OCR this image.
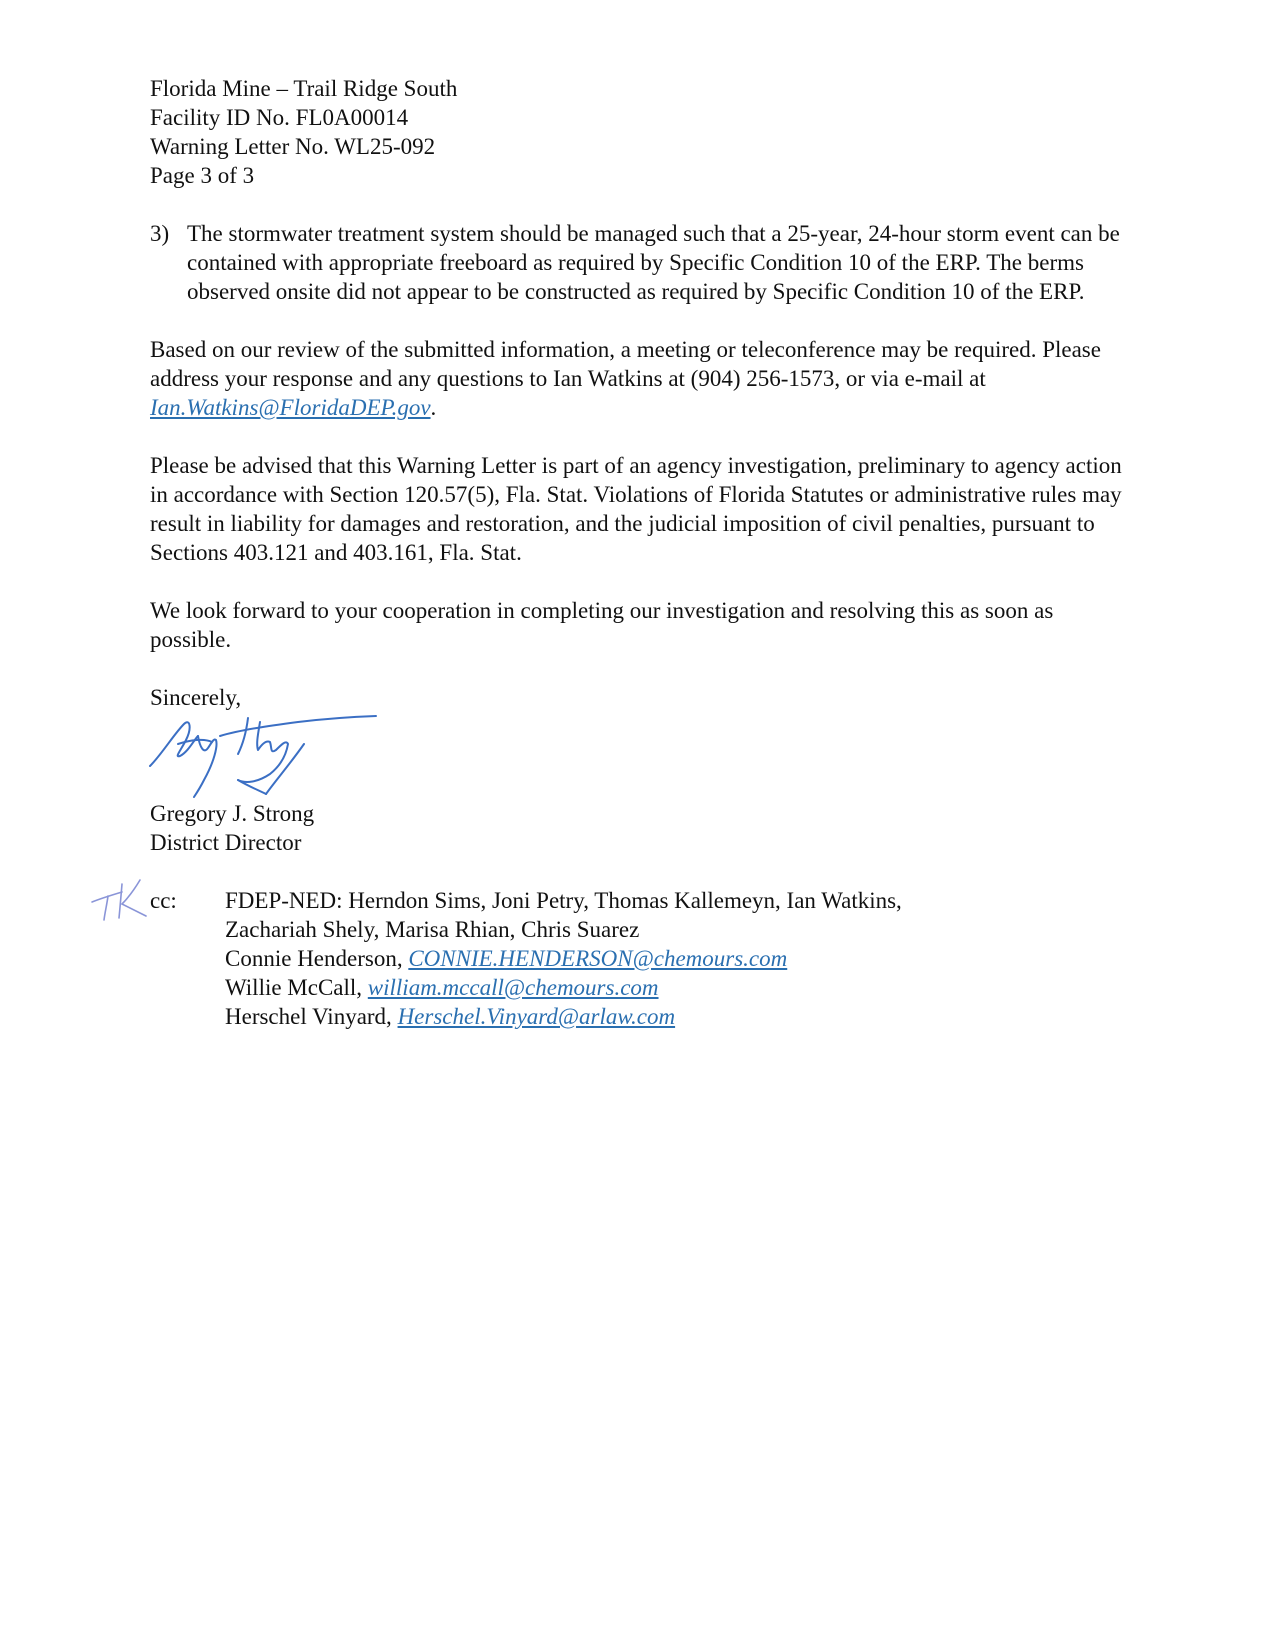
Florida Mine – Trail Ridge South
Facility ID No. FL0A00014
Warning Letter No. WL25-092
Page 3 of 3
3) The stormwater treatment system should be managed such that a 25-year, 24-hour storm event can be contained with appropriate freeboard as required by Specific Condition 10 of the ERP. The berms observed onsite did not appear to be constructed as required by Specific Condition 10 of the ERP.

Based on our review of the submitted information, a meeting or teleconference may be required. Please address your response and any questions to Ian Watkins at (904) 256-1573, or via e-mail at Ian.Watkins@FloridaDEP.gov.

Please be advised that this Warning Letter is part of an agency investigation, preliminary to agency action in accordance with Section 120.57(5), Fla. Stat. Violations of Florida Statutes or administrative rules may result in liability for damages and restoration, and the judicial imposition of civil penalties, pursuant to Sections 403.121 and 403.161, Fla. Stat.

We look forward to your cooperation in completing our investigation and resolving this as soon as possible.

Sincerely,

Gregory J. Strong
District Director
cc:	FDEP-NED: Herndon Sims, Joni Petry, Thomas Kallemeyn, Ian Watkins,
Zachariah Shely, Marisa Rhian, Chris Suarez
Connie Henderson, CONNIE.HENDERSON@chemours.com
Willie McCall, william.mccall@chemours.com
Herschel Vinyard, Herschel.Vinyard@arlaw.com
